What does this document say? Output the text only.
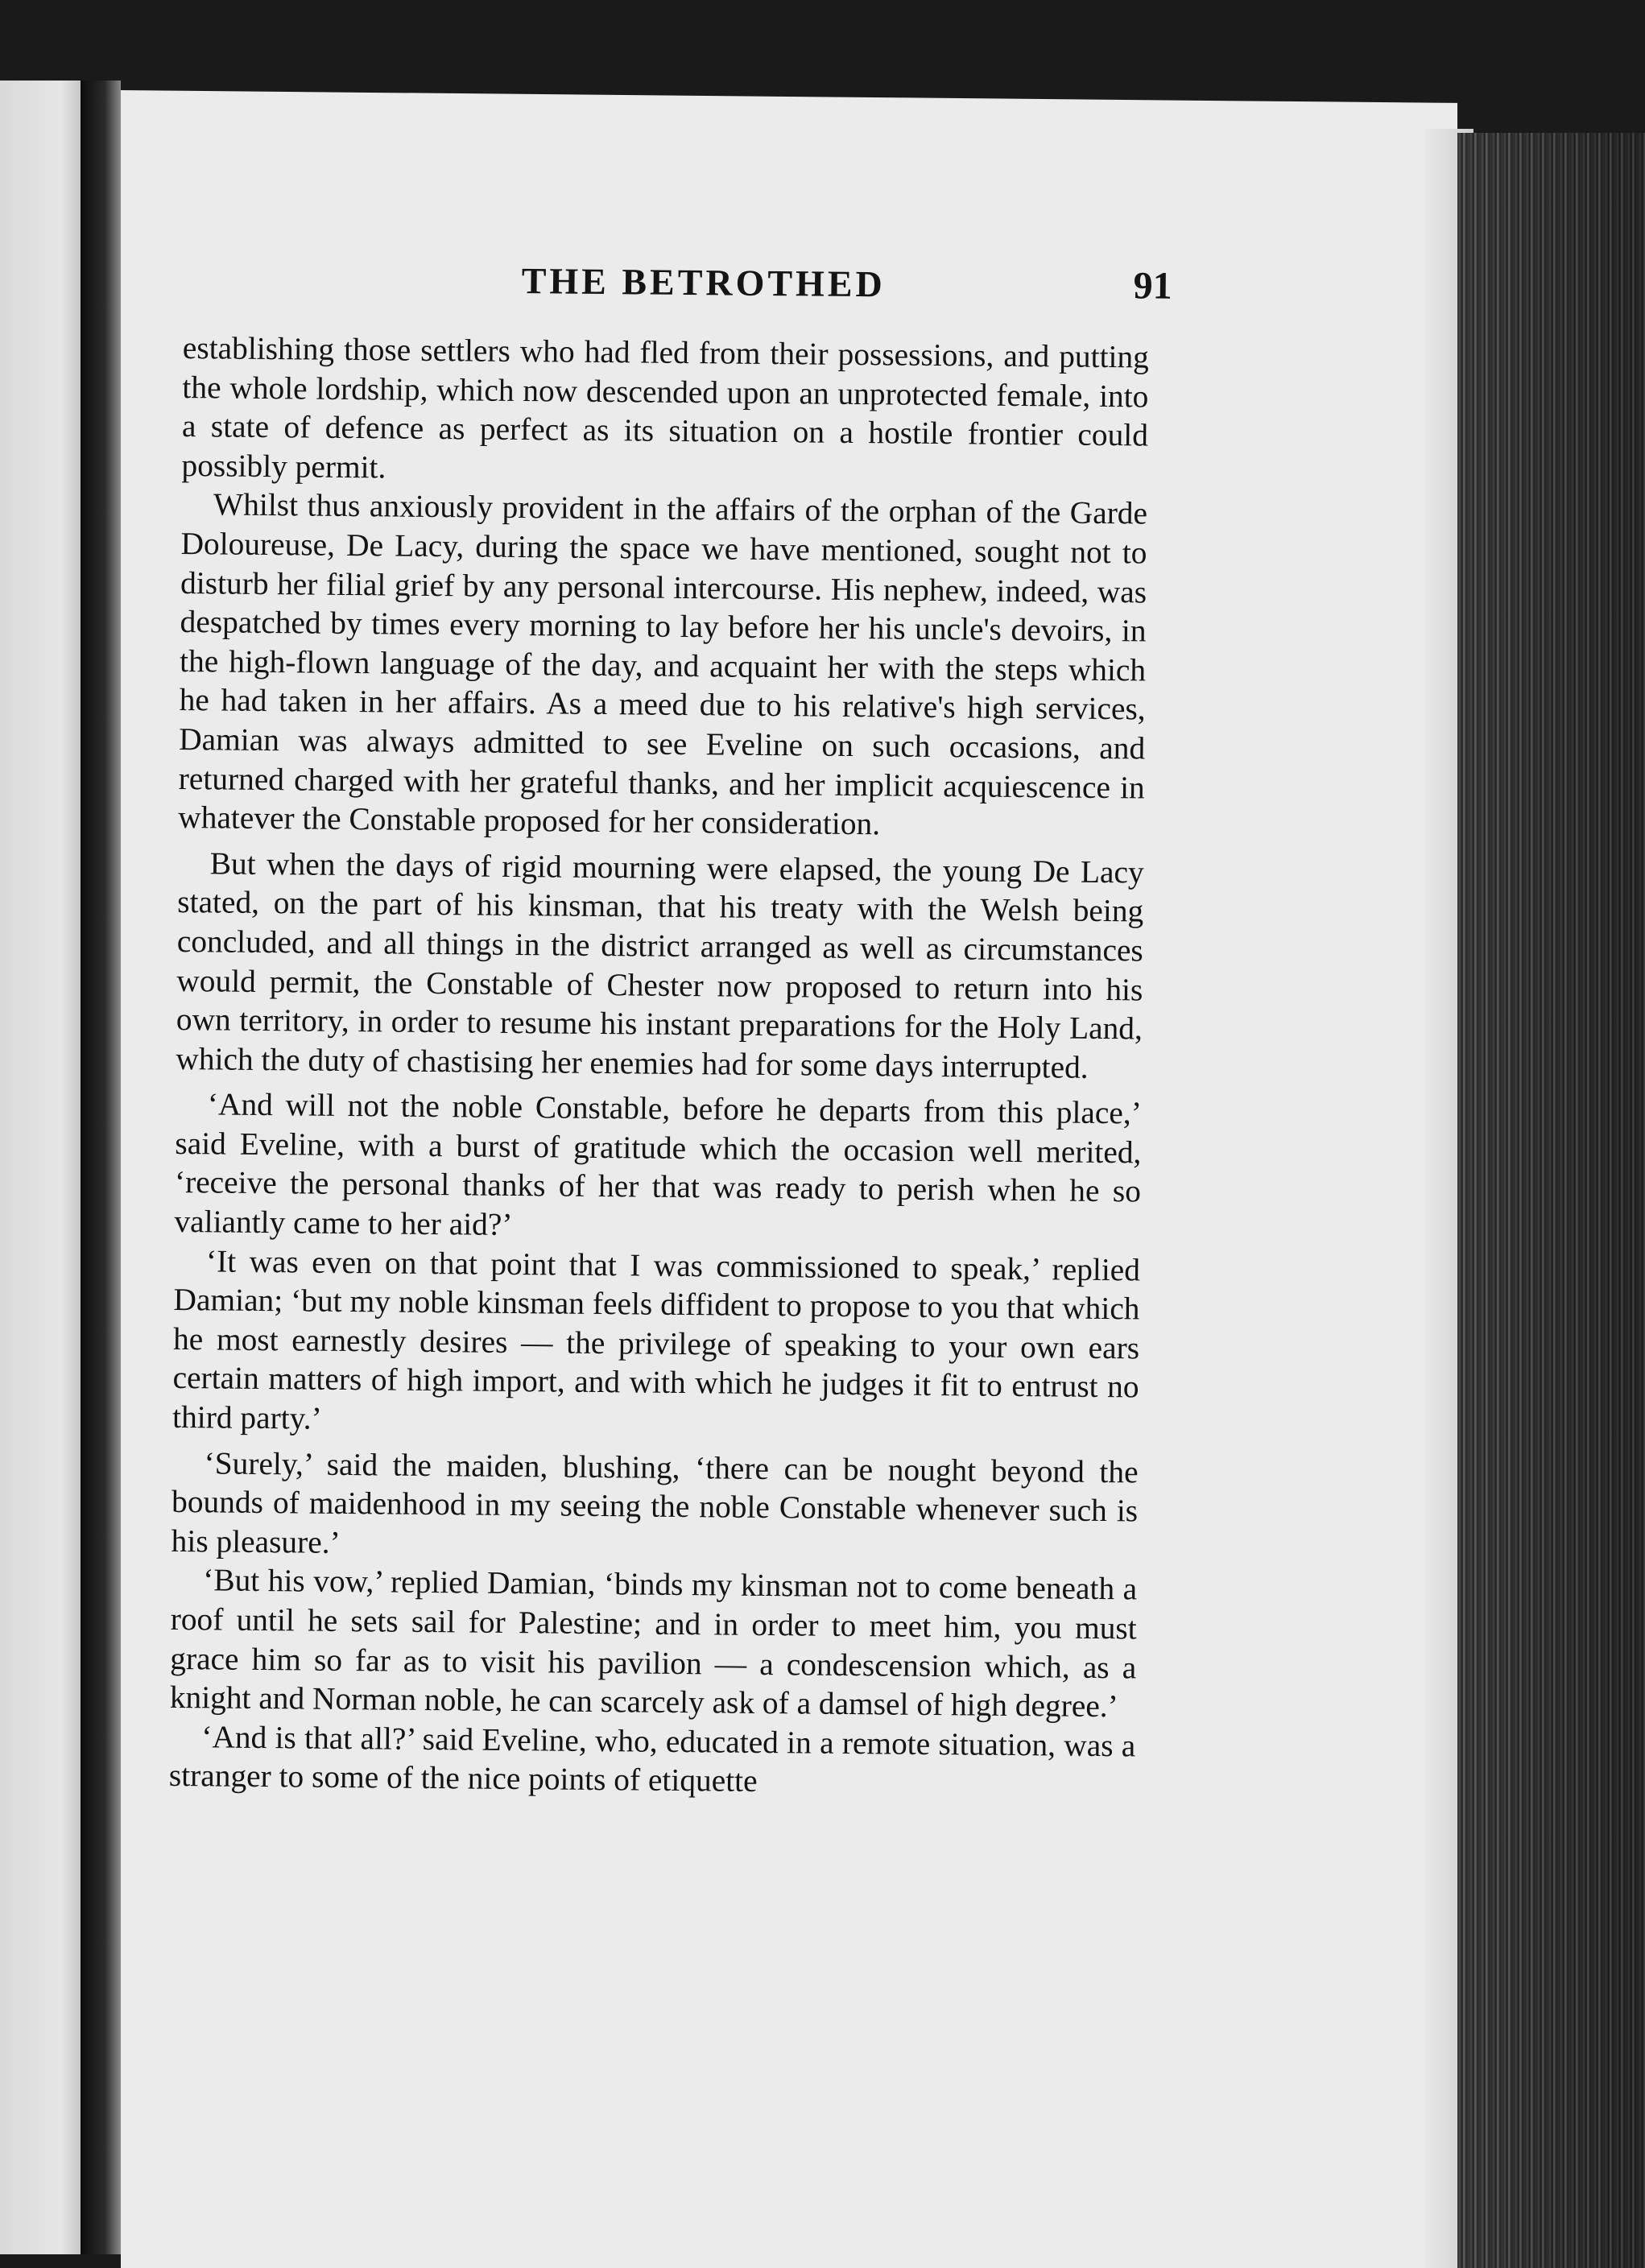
THE BETROTHED	91

establishing those settlers who had fled from their possessions, and putting the whole lordship, which now descended upon an unprotected female, into a state of defence as perfect as its situation on a hostile frontier could possibly permit.

Whilst thus anxiously provident in the affairs of the orphan of the Garde Doloureuse, De Lacy, during the space we have mentioned, sought not to disturb her filial grief by any personal intercourse. His nephew, indeed, was despatched by times every morning to lay before her his uncle's devoirs, in the high-flown language of the day, and acquaint her with the steps which he had taken in her affairs. As a meed due to his relative's high services, Damian was always admitted to see Eveline on such occasions, and returned charged with her grateful thanks, and her implicit acquiescence in whatever the Constable proposed for her consideration.

But when the days of rigid mourning were elapsed, the young De Lacy stated, on the part of his kinsman, that his treaty with the Welsh being concluded, and all things in the district arranged as well as circumstances would permit, the Constable of Chester now proposed to return into his own territory, in order to resume his instant preparations for the Holy Land, which the duty of chastising her enemies had for some days interrupted.

‘And will not the noble Constable, before he departs from this place,’ said Eveline, with a burst of gratitude which the occasion well merited, ‘receive the personal thanks of her that was ready to perish when he so valiantly came to her aid?’

‘It was even on that point that I was commissioned to speak,’ replied Damian; ‘but my noble kinsman feels diffident to propose to you that which he most earnestly desires — the privilege of speaking to your own ears certain matters of high import, and with which he judges it fit to entrust no third party.’

‘Surely,’ said the maiden, blushing, ‘there can be nought beyond the bounds of maidenhood in my seeing the noble Constable whenever such is his pleasure.’

‘But his vow,’ replied Damian, ‘binds my kinsman not to come beneath a roof until he sets sail for Palestine; and in order to meet him, you must grace him so far as to visit his pavilion — a condescension which, as a knight and Norman noble, he can scarcely ask of a damsel of high degree.’

‘And is that all?’ said Eveline, who, educated in a remote situation, was a stranger to some of the nice points of etiquette
